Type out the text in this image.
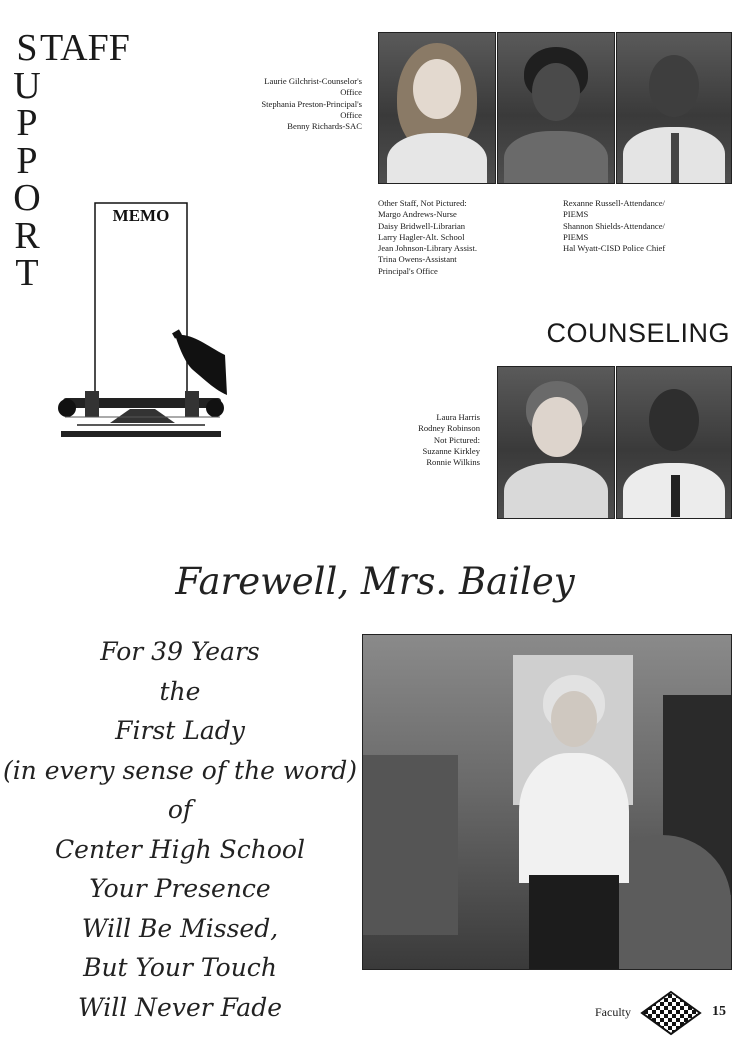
S
U
P
P
O
R
T
TAFF
MEMO
Laurie Gilchrist-Counselor's
Office
Stephania Preston-Principal's
Office
Benny Richards-SAC
Other Staff, Not Pictured:
Margo Andrews-Nurse
Daisy Bridwell-Librarian
Larry Hagler-Alt. School
Jean Johnson-Library Assist.
Trina Owens-Assistant
Principal's Office
Rexanne Russell-Attendance/
PIEMS
Shannon Shields-Attendance/
PIEMS
Hal Wyatt-CISD Police Chief
COUNSELING
Laura Harris
Rodney Robinson
Not Pictured:
Suzanne Kirkley
Ronnie Wilkins
Farewell, Mrs. Bailey
For 39 Years
the
First Lady
(in every sense of the word)
of
Center High School
Your Presence
Will Be Missed,
But Your Touch
Will Never Fade	Faculty	15
